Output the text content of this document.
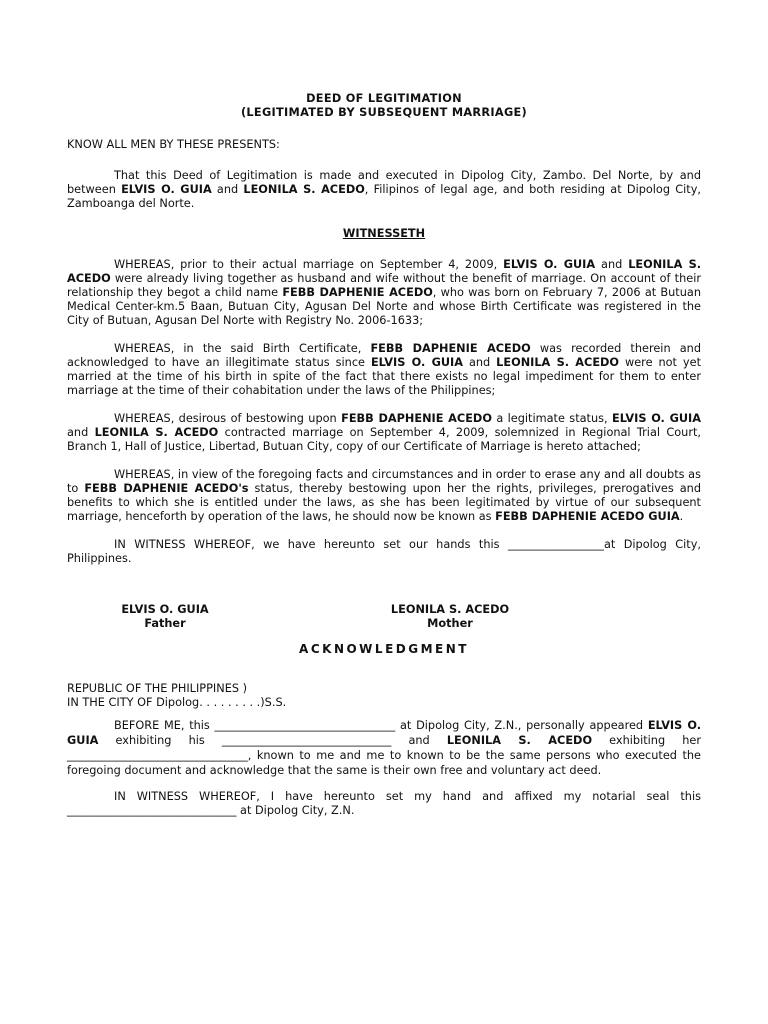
DEED OF LEGITIMATION
(LEGITIMATED BY SUBSEQUENT MARRIAGE)
KNOW ALL MEN BY THESE PRESENTS:

That this Deed of Legitimation is made and executed in Dipolog City, Zambo. Del Norte, by and between ELVIS O. GUIA and LEONILA S. ACEDO, Filipinos of legal age, and both residing at Dipolog City, Zamboanga del Norte.

WITNESSETH

WHEREAS, prior to their actual marriage on September 4, 2009, ELVIS O. GUIA and LEONILA S. ACEDO were already living together as husband and wife without the benefit of marriage. On account of their relationship they begot a child name FEBB DAPHENIE ACEDO, who was born on February 7, 2006 at Butuan Medical Center-km.5 Baan, Butuan City, Agusan Del Norte and whose Birth Certificate was registered in the City of Butuan, Agusan Del Norte with Registry No. 2006-1633;

WHEREAS, in the said Birth Certificate, FEBB DAPHENIE ACEDO was recorded therein and acknowledged to have an illegitimate status since ELVIS O. GUIA and LEONILA S. ACEDO were not yet married at the time of his birth in spite of the fact that there exists no legal impediment for them to enter marriage at the time of their cohabitation under the laws of the Philippines;

WHEREAS, desirous of bestowing upon FEBB DAPHENIE ACEDO a legitimate status, ELVIS O. GUIA and LEONILA S. ACEDO contracted marriage on September 4, 2009, solemnized in Regional Trial Court, Branch 1, Hall of Justice, Libertad, Butuan City, copy of our Certificate of Marriage is hereto attached;

WHEREAS, in view of the foregoing facts and circumstances and in order to erase any and all doubts as to FEBB DAPHENIE ACEDO's status, thereby bestowing upon her the rights, privileges, prerogatives and benefits to which she is entitled under the laws, as she has been legitimated by virtue of our subsequent marriage, henceforth by operation of the laws, he should now be known as FEBB DAPHENIE ACEDO GUIA.

IN WITNESS WHEREOF, we have hereunto set our hands this _________________at Dipolog City, Philippines.

ELVIS O. GUIA
Father
LEONILA S. ACEDO
Mother
ACKNOWLEDGMENT
REPUBLIC OF THE PHILIPPINES )
IN THE CITY OF Dipolog. . . . . . . . .)S.S.

BEFORE ME, this ________________________________ at Dipolog City, Z.N., personally appeared ELVIS O. GUIA exhibiting his ______________________________ and LEONILA S. ACEDO exhibiting her ________________________________, known to me and me to known to be the same persons who executed the foregoing document and acknowledge that the same is their own free and voluntary act deed.

IN WITNESS WHEREOF, I have hereunto set my hand and affixed my notarial seal this ______________________________ at Dipolog City, Z.N.
